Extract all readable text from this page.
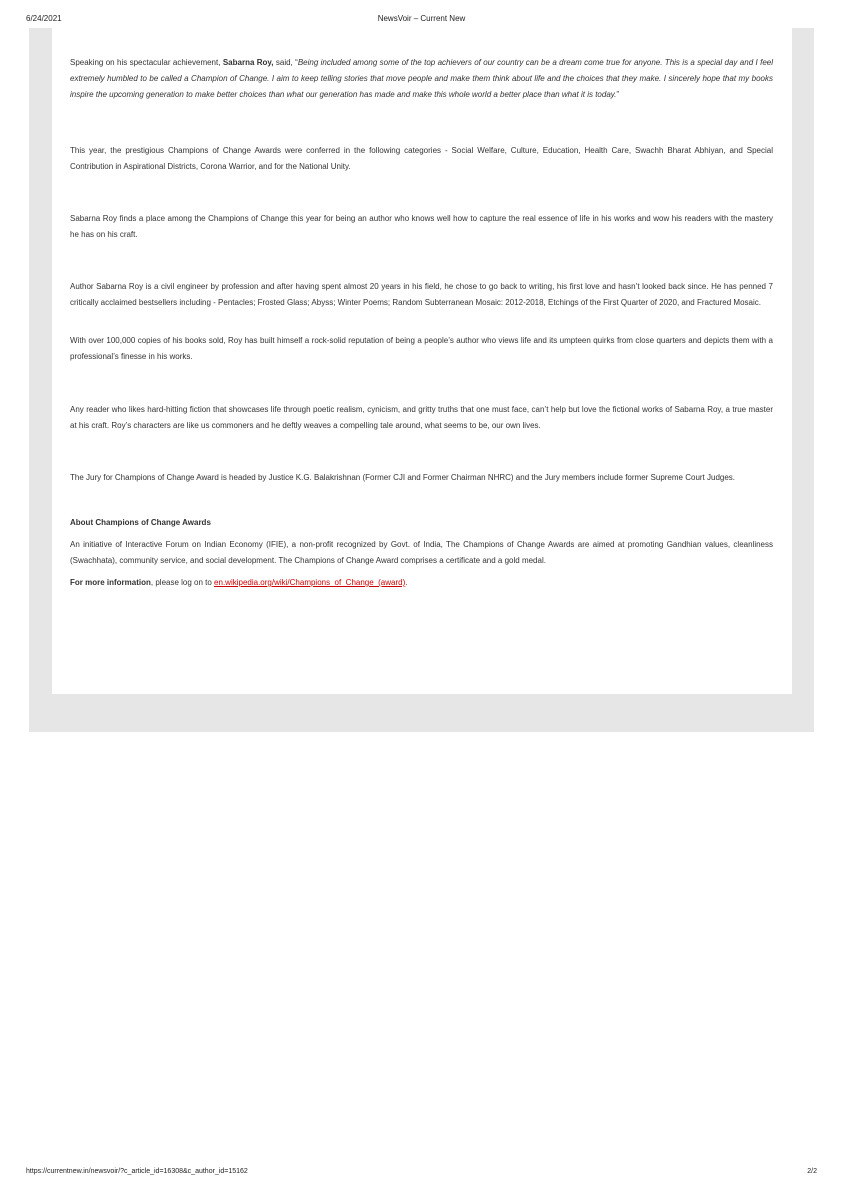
6/24/2021	NewsVoir – Current New

Speaking on his spectacular achievement, Sabarna Roy, said, “Being included among some of the top achievers of our country can be a dream come true for anyone. This is a special day and I feel extremely humbled to be called a Champion of Change. I aim to keep telling stories that move people and make them think about life and the choices that they make. I sincerely hope that my books inspire the upcoming generation to make better choices than what our generation has made and make this whole world a better place than what it is today.”

This year, the prestigious Champions of Change Awards were conferred in the following categories - Social Welfare, Culture, Education, Health Care, Swachh Bharat Abhiyan, and Special Contribution in Aspirational Districts, Corona Warrior, and for the National Unity.

Sabarna Roy finds a place among the Champions of Change this year for being an author who knows well how to capture the real essence of life in his works and wow his readers with the mastery he has on his craft.

Author Sabarna Roy is a civil engineer by profession and after having spent almost 20 years in his field, he chose to go back to writing, his first love and hasn’t looked back since. He has penned 7 critically acclaimed bestsellers including - Pentacles; Frosted Glass; Abyss; Winter Poems; Random Subterranean Mosaic: 2012-2018, Etchings of the First Quarter of 2020, and Fractured Mosaic.

With over 100,000 copies of his books sold, Roy has built himself a rock-solid reputation of being a people’s author who views life and its umpteen quirks from close quarters and depicts them with a professional’s finesse in his works.

Any reader who likes hard-hitting fiction that showcases life through poetic realism, cynicism, and gritty truths that one must face, can’t help but love the fictional works of Sabarna Roy, a true master at his craft. Roy’s characters are like us commoners and he deftly weaves a compelling tale around, what seems to be, our own lives.

The Jury for Champions of Change Award is headed by Justice K.G. Balakrishnan (Former CJI and Former Chairman NHRC) and the Jury members include former Supreme Court Judges.

About Champions of Change Awards

An initiative of Interactive Forum on Indian Economy (IFIE), a non-profit recognized by Govt. of India, The Champions of Change Awards are aimed at promoting Gandhian values, cleanliness (Swachhata), community service, and social development. The Champions of Change Award comprises a certificate and a gold medal.

For more information, please log on to en.wikipedia.org/wiki/Champions_of_Change_(award).

https://currentnew.in/newsvoir/?c_article_id=16308&c_author_id=15162	2/2
